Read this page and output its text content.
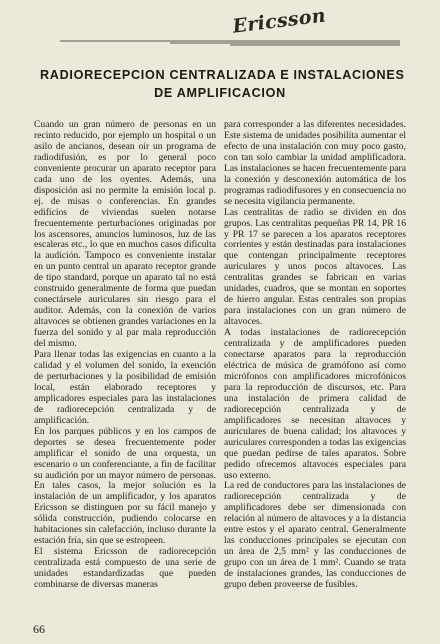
Ericsson
RADIORECEPCION CENTRALIZADA E INSTALACIONES
DE AMPLIFICACION

Cuando un gran número de personas en un recinto reducido, por ejemplo un hospital o un asilo de ancianos, desean oír un programa de radiodifusión, es por lo general poco conveniente procurar un aparato receptor para cada uno de los oyentes. Además, una disposición así no permite la emisión local p. ej. de misas o conferencias. En grandes edificios de viviendas suelen notarse frecuentemente perturbaciones originadas por los ascensores, anuncios luminosos, luz de las escaleras etc., lo que en muchos casos dificulta la audición. Tampoco es conveniente instalar en un punto central un aparato receptor grande de tipo standard, porque un aparato tal no está construido generalmente de forma que puedan conectársele auriculares sin riesgo para el auditor. Además, con la conexión de varios altavoces se obtienen grandes variaciones en la fuerza del sonido y al par mala reproducción del mismo.

Para llenar todas las exigencias en cuanto a la calidad y el volumen del sonido, la exención de perturbaciones y la posibilidad de emisión local, están elaborado receptores y amplicadores especiales para las instalaciones de radiorecepción centralizada y de amplificación.

En los parques públicos y en los campos de deportes se desea frecuentemente poder amplificar el sonido de una orquesta, un escenario o un conferenciante, a fin de facilitar su audición por un mayor número de personas. En tales casos, la mejor solución es la instalación de un amplificador, y los aparatos Ericsson se distinguen por su fácil manejo y sólida construcción, pudiendo colocarse en habitaciones sin calefacción, incluso durante la estación fría, sin que se estropeen.

El sistema Ericsson de radiorecepción centralizada está compuesto de una serie de unidades estandardizadas que pueden combinarse de diversas maneras

para corresponder a las diferentes necesidades. Este sistema de unidades posibilita aumentar el efecto de una instalación con muy poco gasto, con tan solo cambiar la unidad amplificadora. Las instalaciones se hacen frecuentemente para la conexión y desconexión automática de los programas radiodifusores y en consecuencia no se necesita vigilancia permanente.

Las centralitas de radio se dividen en dos grupos. Las centralitas pequeñas PR 14, PR 16 y PR 17 se parecen a los aparatos receptores corrientes y están destinadas para instalaciones que contengan principalmente receptores auriculares y unos pocos altavoces. Las centralitas grandes se fabrican en varias unidades, cuadros, que se montan en soportes de hierro angular. Estas centrales son propias para instalaciones con un gran número de altavoces.

A todas instalaciones de radiorecepción centralizada y de amplificadores pueden conectarse aparatos para la reproducción eléctrica de música de gramófono así como micrófonos con amplificadores microfónicos para la reproducción de discursos, etc. Para una instalación de primera calidad de radiorecepción centralizada y de amplificadores se necesitan altavoces y auriculares de buena calidad; los altavoces y auriculares corresponden a todas las exigencias que puedan pedirse de tales aparatos. Sobre pedido ofrecemos altavoces especiales para uso externo.

La red de conductores para las instalaciones de radiorecepción centralizada y de amplificadores debe ser dimensionada con relación al número de altavoces y a la distancia entre estos y el aparato central. Generalmente las conducciones principales se ejecutan con un área de 2,5 mm² y las conducciones de grupo con un área de 1 mm². Cuando se trata de instalaciones grandes, las conducciones de grupo deben proveerse de fusibles.

66
